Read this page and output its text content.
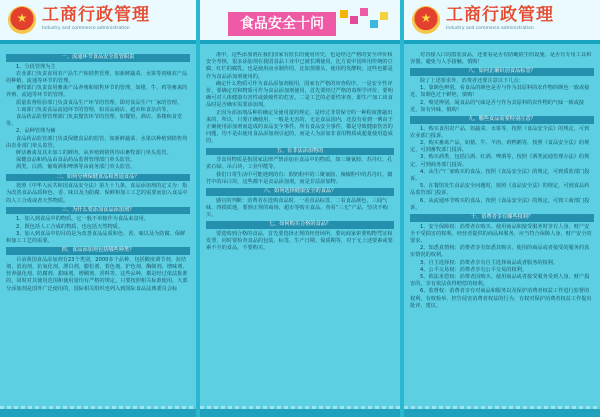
★
工商行政管理
Industry and commerce administration
一、流通环节食品安全监管职责
1、分段管理为主
农业部门负责食用农产品生产和销售管理，如新鲜蔬菜、水果等初级农产品的种植、流通等环节的管理。
畜牧部门负责食用畜禽产品养殖和销售环节的管理，如猪、牛、鸡等畜禽的养殖、流通等环节的管理。
质量监督检验部门负责食品生产环节的管理，即对食品生产厂家的管理。
工商部门负责食品流通环节的管理，如食品商店、超市和食杂店等。
食品药品监督管理部门负责餐饮环节的管理，如餐馆、酒店、茶楼和食堂等。
2、品种管理为辅
食品药品监管部门负责保健食品的监管，如新鲜蔬菜、水果以种植到销售均由农业部门单头监管。
鲜活畜禽及其未加工的鲜肉，从养殖到销售均由畜牧部门单头监管。
保健食品和药品由食品药品监督管理部门单头监管。
酒类、白酒、葡萄酒和啤酒等由商务部门单头监管。
二、如何分辨保健食品和普通食品？
按照《中华人民共和国食品安全法》第九十九条，食品添加剂的定义为：指为改善食品品质和色、香、味以及为防腐、保鲜和加工工艺的需要而加入食品中的人工合成或者天然物质。
三、为什么要添加食品添加剂？
1、加入到食品中的物质，它一般不单独作为食品来食用。
2、既包括人工合成的物质，也包括天然物质。
3、加入到食品中的目的是为改善食品品质和色、香、味以及为防腐、保鲜和加工工艺的需要。
四、食品添加剂包括哪些种类？
目前我国食品添加剂有23个类别，2000多个品种，包括酸度调节剂、抗结剂、消泡剂、抗氧化剂、漂白剂、膨松剂、着色剂、护色剂、酶制剂、增味剂、营养强化剂、防腐剂、甜味剂、增稠剂、香料等。这些品种，都是经过依法批准的，同时对其使用范围和使用量均有严格的规定。只要按照相关标准使用，大部分添加剂是国外广泛使用的，国际相关组织也列入到国际食品法典委员会标
食品安全十问
准中，这些添加剂在我们国家有很长的使用历史，也是经过严格的安全评价和安全考核，很多添加剂在我国食品工业中已被长期使用，比方说中国所用传统的豆腐、红烂的腐乳，也是使用卤水制作的，比如蒸馒头，使用的发酵粉，这些也都是作为食品添加剂使用的。
确定什么物质可作为食品添加剂使用，国家有严格的审查程序。一是安全性评价，要确定对和物质可作为食品添加剂使用，首先要经过严格的毒理学评价，要明确可对人体健康有害性或致癌性的危害。二是工艺的必要性审查，即生产加工该食品时是否确实需要添加剂。
正因为添加剂品种的确定及使用量的规定，是经过非常保守的一种程度推敲出来的，所以，只要正确使用，一般是无害的，无论食品国内，还没有看到一例由于正确使用添加剂而造成的食品安全事件。所有食品安全事件，都是导致健康伤害的问题，均不是由使用食品添加剂引起的，而是人为添加非食用物质或超量使用造成的。
五、有非法添加物的
非食用物质是指国家法律严禁添加在食品中的物质，如三聚氰胺、苏丹红、孔雀石绿、吊白块、工业甲醛等。
我们日常生活中可能遇到的有：假奶粉中的三聚氰胺、辣椒粉中的苏丹红、腐竹中的吊白块，这些都不是食品添加剂，而是非法添加物。
六、如何选择健康安全的食品？
感官的判断：消费者在选购食品时，一看食品标签、二看食品颜色、三闻气味、四摸质地，要到正规的商场、超市等购买食品，查看“三无”产品，坚决不购买。
七、如何购买合格的食品？
要选购到合格的食品，首先要选择正规的经营场所，要向商家索要购物凭证和发票，同时要检查食品的包装、标签、生产日期、保质期等，对于无上述要素或要素不全的食品，不要购买。
★
工商行政管理
Industry and commerce administration
对直接入口的散装食品，还要看是否有防蝇防尘的设施，是否有专用工具和容器，避免与人手接触。慎购！
八、如何正确识别食品标签？
除了上述要求外，消费者还要注意以下几点：
1、靠颜色辨别。看食品的颜色是否与作为其原料的农作物的颜色一致或接近，如颜色过于鲜艳，慎购！
2、嗅觉辨别。闻食品的气味是否与作为其原料的农作物的气味一致或接近，如有异味，慎购！
九、哪些食品需要特别注意？
1、购买食用农产品，如蔬菜、水果等，按照《食品安全法》的规定，可到农业部门投诉。
2、购买畜禽产品，如猪、牛、羊肉、鸡鸭鹅等，按照《食品安全法》的规定，可到畜牧部门投诉。
3、购买酒类，包括白酒、红酒、啤酒等，按照《酒类流通管理办法》的规定，可到商务部门投诉。
4、从生产厂家购买的食品，按照《食品安全法》的规定，可到质监部门投诉。
5、在餐馆发生食品安全问题时，按照《食品安全法》的规定，可到食品药品监管部门投诉。
6、从流通环节购买的食品，按照《食品安全法》的规定，可到工商部门投诉。
十、消费者享有哪些权利？
1、安全保障权：消费者在购买、使用商品和接受服务时享有人身、财产安全不受损害的权利。经营者提供的商品和服务，应当符合保障人身、财产安全的要求。
2、知悉真情权：消费者享有知悉其购买、使用的商品或者接受的服务的真实情况的权利。
3、自主选择权：消费者享有自主选择商品或者服务的权利。
4、公平交易权：消费者享有公平交易的权利。
5、依法求偿权：消费者因购买、使用商品或者接受服务受到人身、财产损害的，享有依法获得赔偿的权利。
6、监督权：消费者享有对商品和服务以及保护消费者权益工作进行监督的权利，有权检举、控告侵害消费者权益的行为，有权对保护消费者权益工作提出批评、建议。
